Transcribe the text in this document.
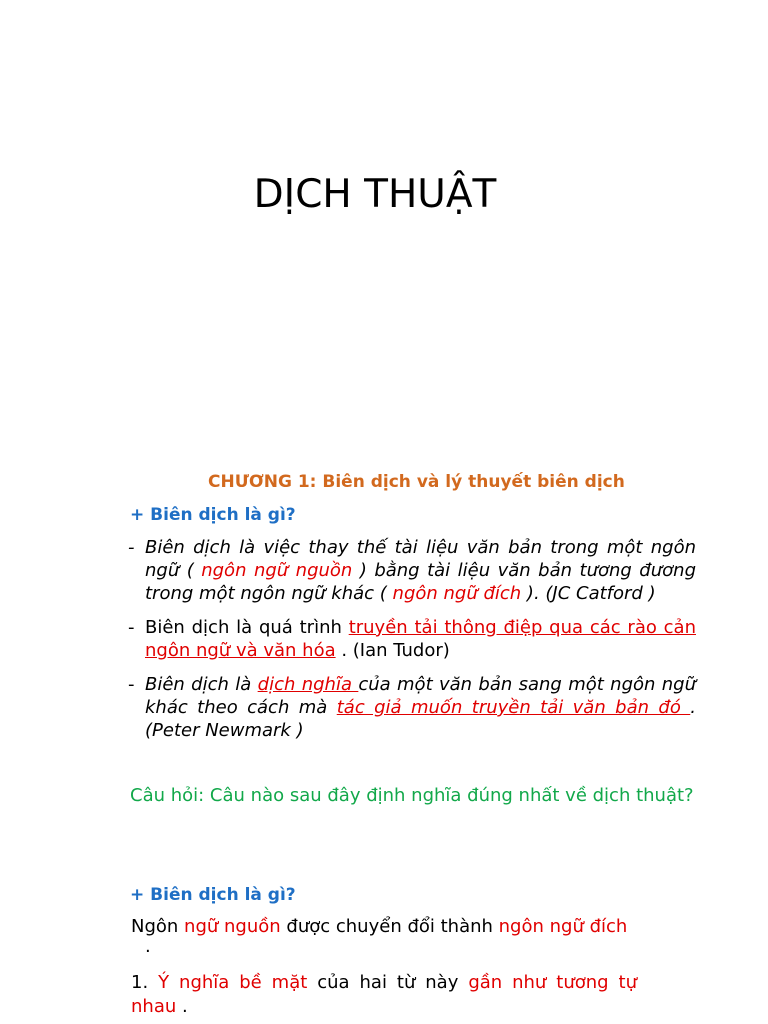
DỊCH THUẬT
CHƯƠNG 1: Biên dịch và lý thuyết biên dịch
+ Biên dịch là gì?
- Biên dịch là việc thay thế tài liệu văn bản trong một ngôn ngữ ( ngôn ngữ nguồn ) bằng tài liệu văn bản tương đương trong một ngôn ngữ khác ( ngôn ngữ đích ). (JC Catford )
- Biên dịch là quá trình truyền tải thông điệp qua các rào cản ngôn ngữ và văn hóa . (Ian Tudor)
- Biên dịch là dịch nghĩa của một văn bản sang một ngôn ngữ khác theo cách mà tác giả muốn truyền tải văn bản đó . (Peter Newmark )
Câu hỏi: Câu nào sau đây định nghĩa đúng nhất về dịch thuật?
+ Biên dịch là gì?
Ngôn ngữ nguồn được chuyển đổi thành ngôn ngữ đích
.
1. Ý nghĩa bề mặt của hai từ này gần như tương tự nhau .
